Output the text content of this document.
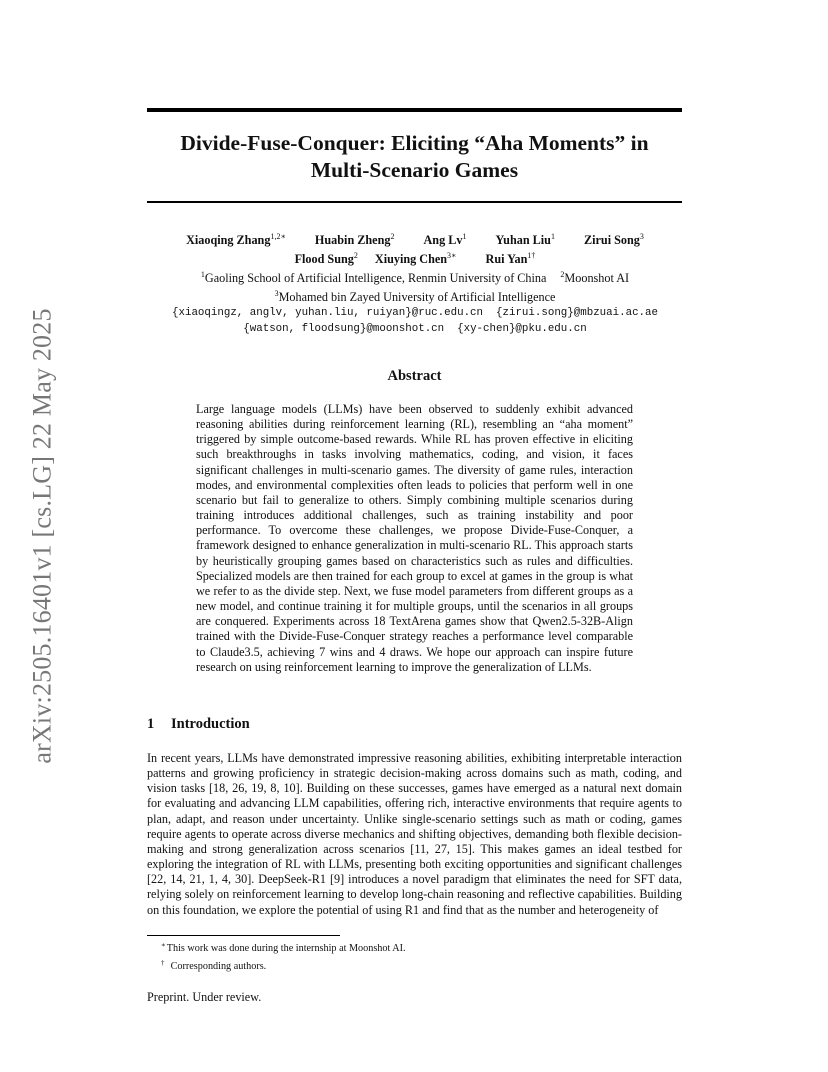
arXiv:2505.16401v1 [cs.LG] 22 May 2025
Divide-Fuse-Conquer: Eliciting “Aha Moments” in
Multi-Scenario Games
Xiaoqing Zhang$^{1,2∗}$ Huabin Zheng$^2$ Ang Lv$^1$ Yuhan Liu$^1$ Zirui Song$^3$
Flood Sung$^2$ Xiuying Chen$^{3∗}$ Rui Yan$^{1\dagger}$
$^1$Gaoling School of Artificial Intelligence, Renmin University of China $^2$Moonshot AI
$^3$Mohamed bin Zayed University of Artificial Intelligence
{xiaoqingz, anglv, yuhan.liu, ruiyan}@ruc.edu.cn {zirui.song}@mbzuai.ac.ae
{watson, floodsung}@moonshot.cn {xy-chen}@pku.edu.cn
Abstract
Large language models (LLMs) have been observed to suddenly exhibit advanced reasoning abilities during reinforcement learning (RL), resembling an “aha moment” triggered by simple outcome-based rewards. While RL has proven effective in eliciting such breakthroughs in tasks involving mathematics, coding, and vision, it faces significant challenges in multi-scenario games. The diversity of game rules, interaction modes, and environmental complexities often leads to policies that perform well in one scenario but fail to generalize to others. Simply combining multiple scenarios during training introduces additional challenges, such as training instability and poor performance. To overcome these challenges, we propose Divide-Fuse-Conquer, a framework designed to enhance generalization in multi-scenario RL. This approach starts by heuristically grouping games based on characteristics such as rules and difficulties. Specialized models are then trained for each group to excel at games in the group is what we refer to as the divide step. Next, we fuse model parameters from different groups as a new model, and continue training it for multiple groups, until the scenarios in all groups are conquered. Experiments across 18 TextArena games show that Qwen2.5-32B-Align trained with the Divide-Fuse-Conquer strategy reaches a performance level comparable to Claude3.5, achieving 7 wins and 4 draws. We hope our approach can inspire future research on using reinforcement learning to improve the generalization of LLMs.
1 Introduction
In recent years, LLMs have demonstrated impressive reasoning abilities, exhibiting interpretable interaction patterns and growing proficiency in strategic decision-making across domains such as math, coding, and vision tasks [18, 26, 19, 8, 10]. Building on these successes, games have emerged as a natural next domain for evaluating and advancing LLM capabilities, offering rich, interactive environments that require agents to plan, adapt, and reason under uncertainty. Unlike single-scenario settings such as math or coding, games require agents to operate across diverse mechanics and shifting objectives, demanding both flexible decision-making and strong generalization across scenarios [11, 27, 15]. This makes games an ideal testbed for exploring the integration of RL with LLMs, presenting both exciting opportunities and significant challenges [22, 14, 21, 1, 4, 30]. DeepSeek-R1 [9] introduces a novel paradigm that eliminates the need for SFT data, relying solely on reinforcement learning to develop long-chain reasoning and reflective capabilities. Building on this foundation, we explore the potential of using R1 and find that as the number and heterogeneity of
∗This work was done during the internship at Moonshot AI.
† Corresponding authors.
Preprint. Under review.
